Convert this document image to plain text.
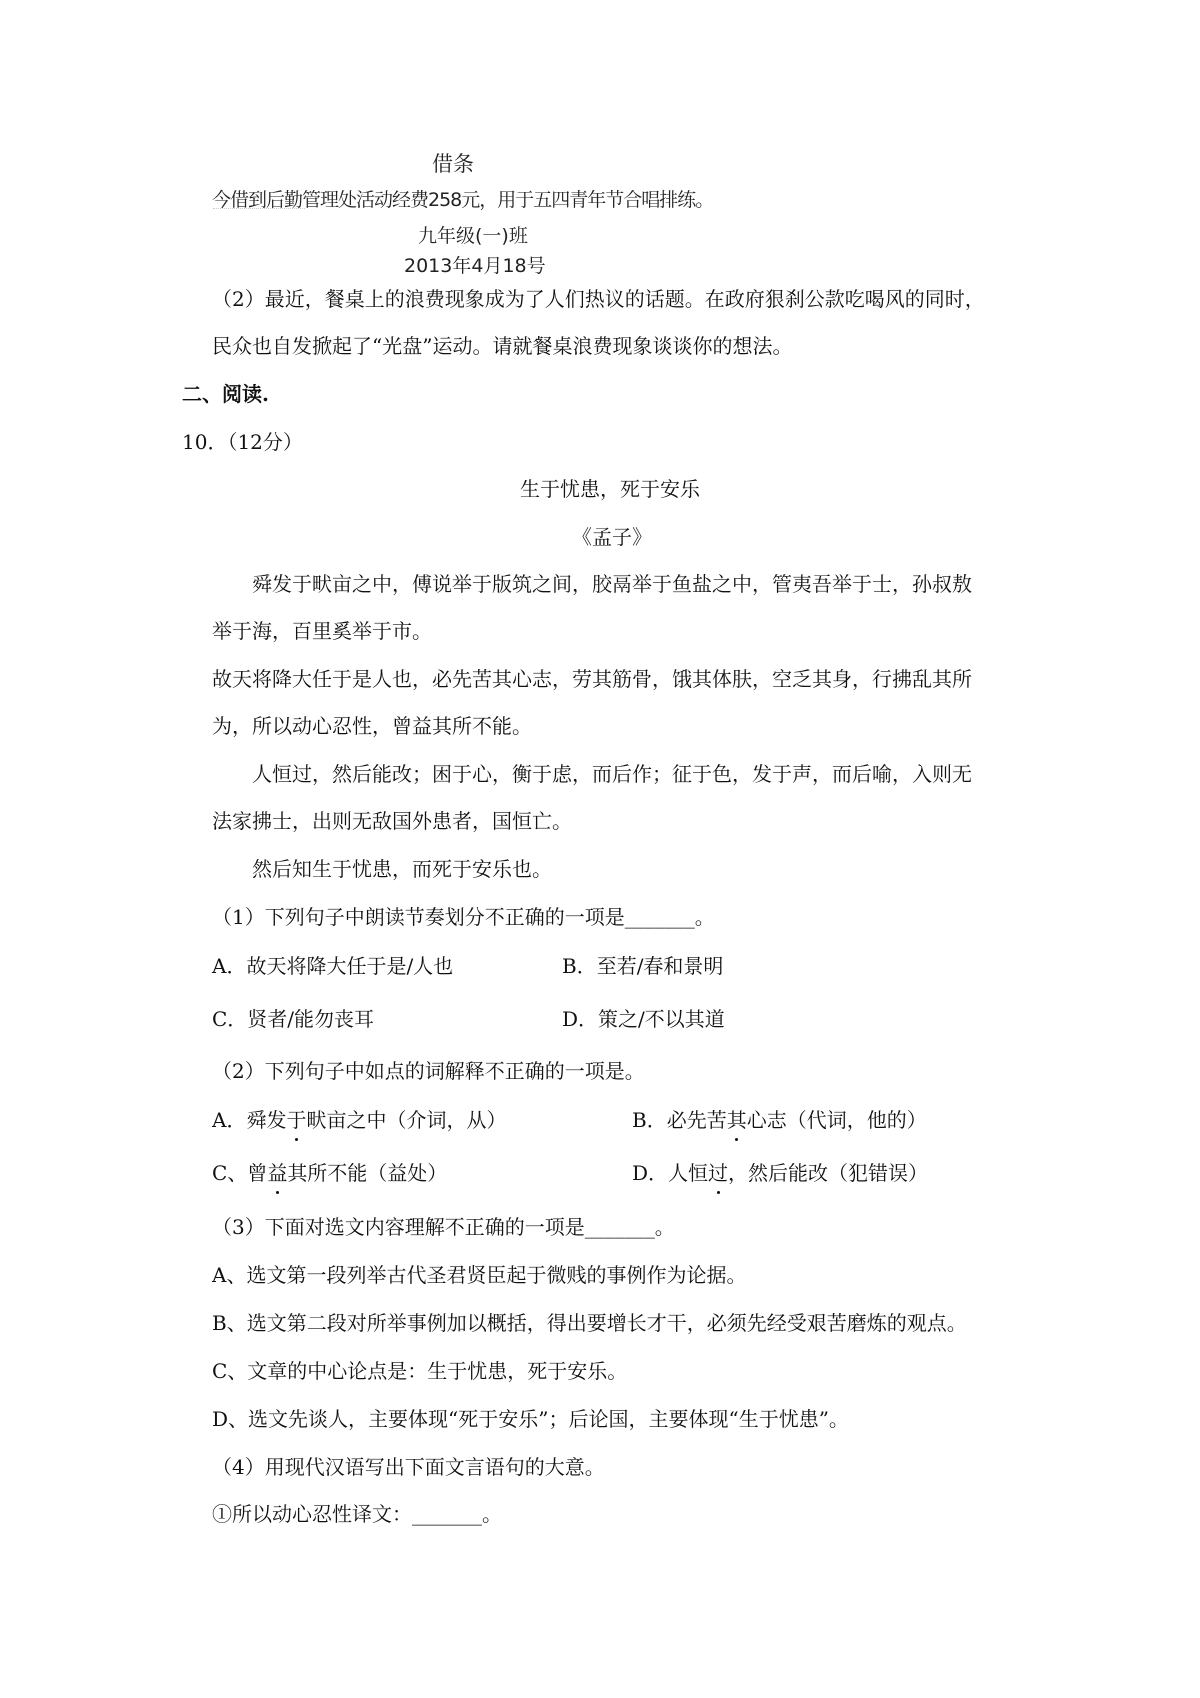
借条
今借到后勤管理处活动经费258元，用于五四青年节合唱排练。
九年级(一)班
2013年4月18号
（2）最近，餐桌上的浪费现象成为了人们热议的话题。在政府狠刹公款吃喝风的同时，
民众也自发掀起了“光盘”运动。请就餐桌浪费现象谈谈你的想法。
二、阅读.
10．（12分）
生于忧患，死于安乐
《孟子》
舜发于畎亩之中，傅说举于版筑之间，胶鬲举于鱼盐之中，管夷吾举于士，孙叔敖
举于海，百里奚举于市。
故天将降大任于是人也，必先苦其心志，劳其筋骨，饿其体肤，空乏其身，行拂乱其所
为，所以动心忍性，曾益其所不能。
人恒过，然后能改；困于心，衡于虑，而后作；征于色，发于声，而后喻，入则无
法家拂士，出则无敌国外患者，国恒亡。
然后知生于忧患，而死于安乐也。
（1）下列句子中朗读节奏划分不正确的一项是_______。
A．故天将降大任于是/人也	B．至若/春和景明
C．贤者/能勿丧耳	D．策之/不以其道
（2）下列句子中如点的词解释不正确的一项是。
A．舜发于畎亩之中（介词，从）	B．必先苦其心志（代词，他的）
C、曾益其所不能（益处）	D．人恒过，然后能改（犯错误）
（3）下面对选文内容理解不正确的一项是_______。
A、选文第一段列举古代圣君贤臣起于微贱的事例作为论据。
B、选文第二段对所举事例加以概括，得出要增长才干，必须先经受艰苦磨炼的观点。
C、文章的中心论点是：生于忧患，死于安乐。
D、选文先谈人，主要体现“死于安乐”；后论国，主要体现“生于忧患”。
（4）用现代汉语写出下面文言语句的大意。
①所以动心忍性译文：_______。
